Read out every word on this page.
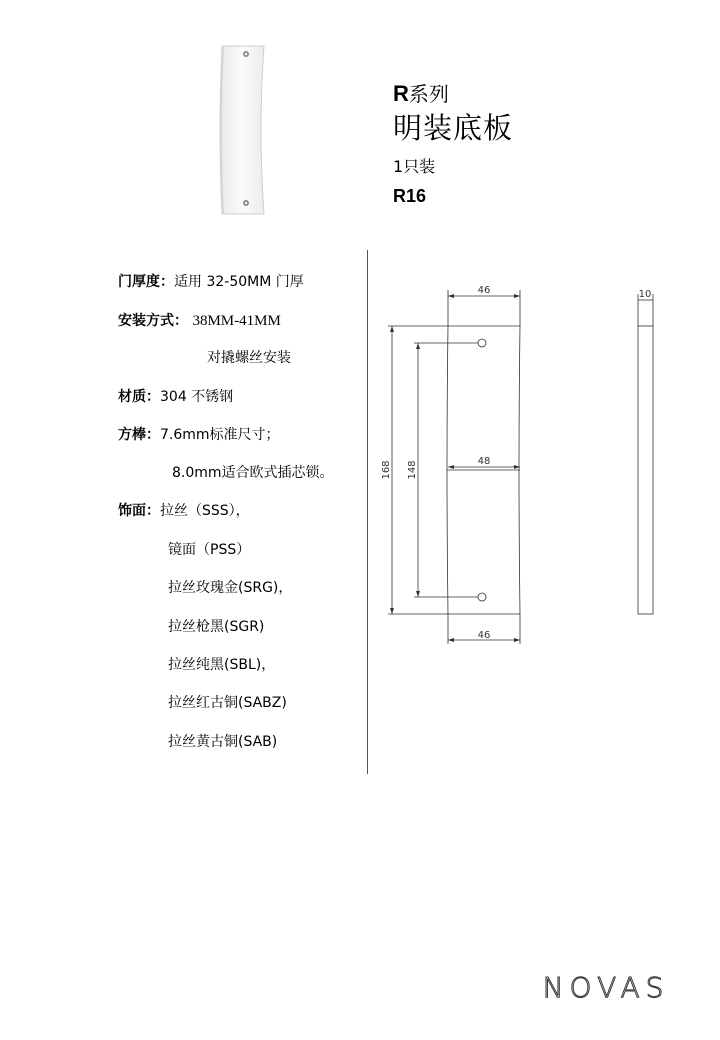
R系列
明装底板
1只装
R16
门厚度：适用 32-50MM 门厚
安装方式： 38MM-41MM
对撬螺丝安装
材质：304 不锈钢
方棒：7.6mm标准尺寸；
8.0mm适合欧式插芯锁。
饰面：拉丝（SSS），
镜面（PSS）
拉丝玫瑰金(SRG)，
拉丝枪黑(SGR)
拉丝纯黑(SBL)，
拉丝红古铜(SABZ)
拉丝黄古铜(SAB)
46
46
48
168 148
10
NOVAS
